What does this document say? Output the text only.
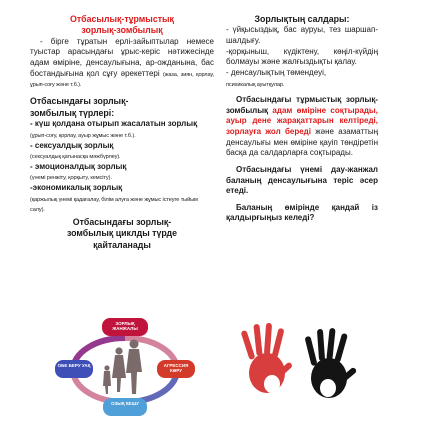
Отбасылық-тұрмыстық
зорлық-зомбылық

- бірге тұратын ерлі-зайыптылар немесе туыстар арасындағы ұрыс-керіс нәтижесінде адам өміріне, денсаулығына, ар-ожданына, бас бостандығына қол сұғу әрекеттері (жаза, зиян, қорлау, ұрып-соғу және т.б.).

Отбасындағы зорлық-
зомбылық түрлері:

- күш қолдана отырып жасалатын зорлық (ұрып-соғу, қорлау, ауыр жұмыс және т.б.).

- сексуалдық зорлық
(сексуалдық қатынасқа мәжбүрлеу).

- эмоционалдық зорлық
(үнемі ренжіту, қорқыту, кемсіту).

-экономикалық зорлық
(қаржылық үнемі қадағалау, білім алуға және жұмыс істеуге тыйым салу).

Отбасындағы зорлық-
зомбылық циклды түрде
қайталанады
ЗОРЛЫҚ ЖАНЖАЛЫ
ОБЕ БЕРУ УАҚ	АГРЕССИЯ КӨРУ
ОЗЫҚ КЕШУ
Зорлықтың салдары:

- үйқысыздық, бас ауруы, тез шаршап-шалдығу.

-қорқыныш, күдіктену, көңіл-күйдің болмауы және жалғыздықты қалау.

- денсаулықтың төмендеуі,
психикалық ауытқулар.

Отбасындағы тұрмыстық зорлық-зомбылық адам өміріне соқтырады, ауыр дене жарақаттарын келтіреді, зорлауға жол береді және азаматтың денсаулығы мен өміріне қауіп төндіретін басқа да салдарларға соқтырады.

Отбасындағы үнемі дау-жанжал баланың денсаулығына теріс әсер етеді.

Баланың өмірінде қандай із қалдырғыңыз келеді?
